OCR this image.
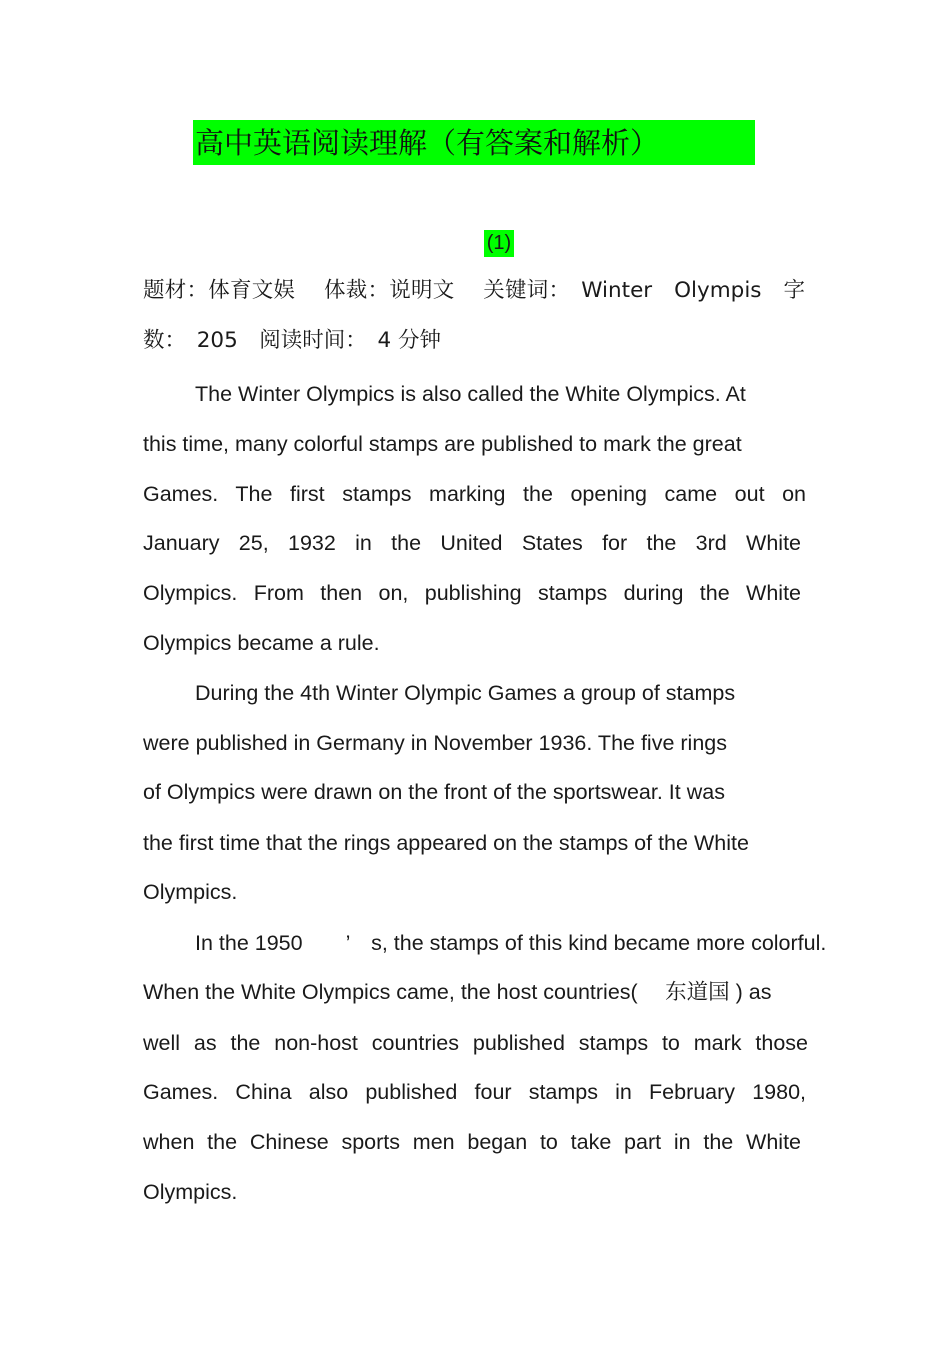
高中英语阅读理解（有答案和解析）
(1)
题材：体育文娱　 体裁：说明文　 关键词：　Winter　Olympis　字
数：　205　阅读时间：　4 分钟
The Winter Olympics is also called the White Olympics. At
this time, many colorful stamps are published to mark the great
Games. The first stamps marking the opening came out on
January 25, 1932 in the United States for the 3rd White
Olympics. From then on, publishing stamps during the White
Olympics became a rule.
During the 4th Winter Olympic Games a group of stamps
were published in Germany in November 1936. The five rings
of Olympics were drawn on the front of the sportswear. It was
the first time that the rings appeared on the stamps of the White
Olympics.
In the 1950　　’　s, the stamps of this kind became more colorful.
When the White Olympics came, the host countries(　 东道国 ) as
well as the non-host countries published stamps to mark those
Games. China also published four stamps in February 1980,
when the Chinese sports men began to take part in the White
Olympics.
